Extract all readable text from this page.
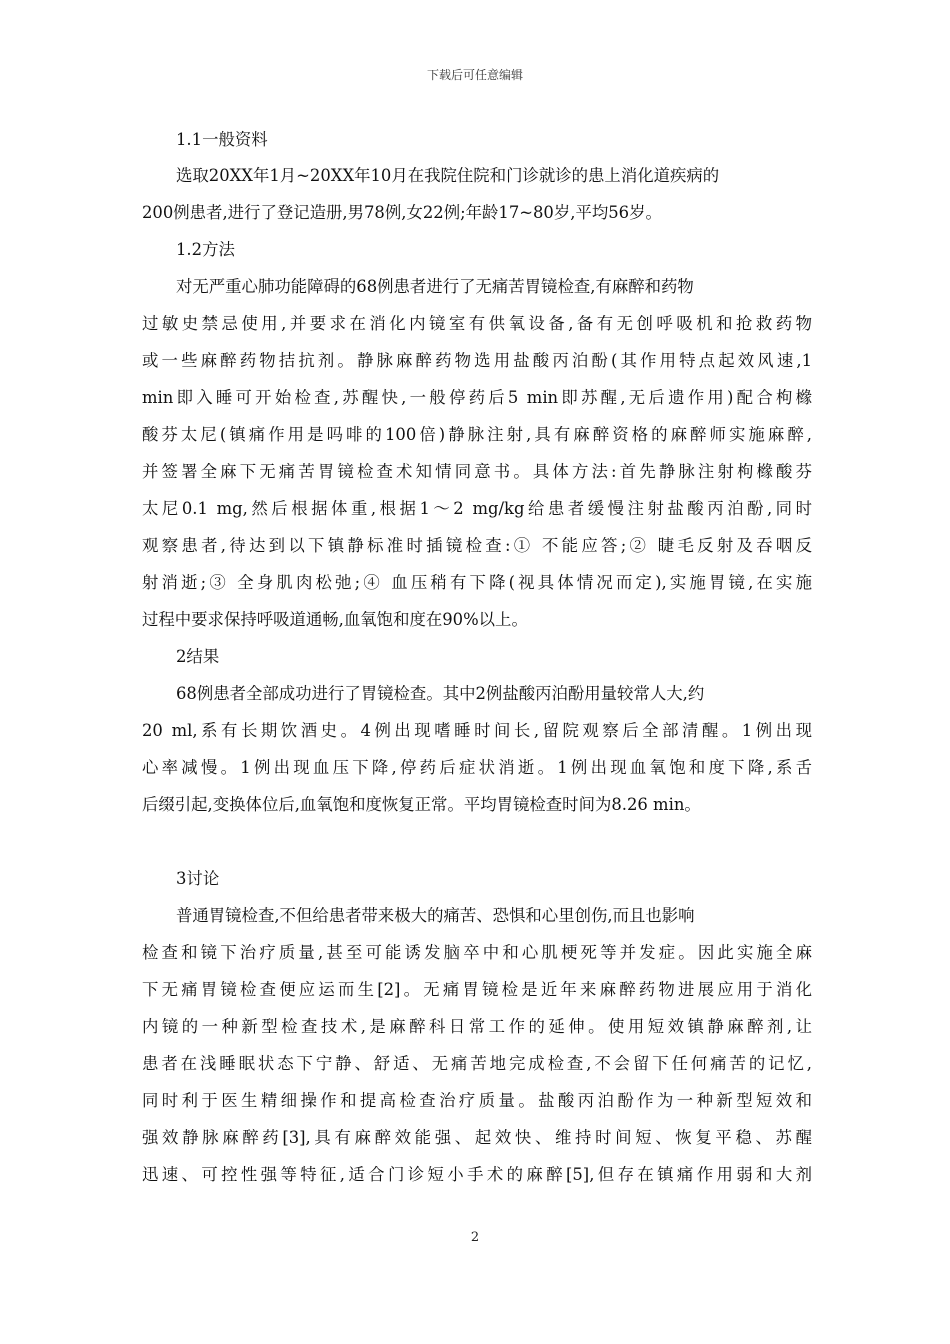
下载后可任意编辑
1.1一般资料
选取20XX年1月~20XX年10月在我院住院和门诊就诊的患上消化道疾病的
200例患者,进行了登记造册,男78例,女22例;年龄17~80岁,平均56岁。
1.2方法
对无严重心肺功能障碍的68例患者进行了无痛苦胃镜检查,有麻醉和药物
过敏史禁忌使用,并要求在消化内镜室有供氧设备,备有无创呼吸机和抢救药物
或一些麻醉药物拮抗剂。静脉麻醉药物选用盐酸丙泊酚(其作用特点起效风速,1
min即入睡可开始检查,苏醒快,一般停药后5 min即苏醒,无后遗作用)配合枸橼
酸芬太尼(镇痛作用是吗啡的100倍)静脉注射,具有麻醉资格的麻醉师实施麻醉,
并签署全麻下无痛苦胃镜检查术知情同意书。具体方法:首先静脉注射枸橼酸芬
太尼0.1 mg,然后根据体重,根据1～2 mg/kg给患者缓慢注射盐酸丙泊酚,同时
观察患者,待达到以下镇静标准时插镜检查:① 不能应答;② 睫毛反射及吞咽反
射消逝;③ 全身肌肉松弛;④ 血压稍有下降(视具体情况而定),实施胃镜,在实施
过程中要求保持呼吸道通畅,血氧饱和度在90%以上。
2结果
68例患者全部成功进行了胃镜检查。其中2例盐酸丙泊酚用量较常人大,约
20 ml,系有长期饮酒史。4例出现嗜睡时间长,留院观察后全部清醒。1例出现
心率减慢。1例出现血压下降,停药后症状消逝。1例出现血氧饱和度下降,系舌
后缀引起,变换体位后,血氧饱和度恢复正常。平均胃镜检查时间为8.26 min。
3讨论
普通胃镜检查,不但给患者带来极大的痛苦、恐惧和心里创伤,而且也影响
检查和镜下治疗质量,甚至可能诱发脑卒中和心肌梗死等并发症。因此实施全麻
下无痛胃镜检查便应运而生[2]。无痛胃镜检是近年来麻醉药物进展应用于消化
内镜的一种新型检查技术,是麻醉科日常工作的延伸。使用短效镇静麻醉剂,让
患者在浅睡眠状态下宁静、舒适、无痛苦地完成检查,不会留下任何痛苦的记忆,
同时利于医生精细操作和提高检查治疗质量。盐酸丙泊酚作为一种新型短效和
强效静脉麻醉药[3],具有麻醉效能强、起效快、维持时间短、恢复平稳、苏醒
迅速、可控性强等特征,适合门诊短小手术的麻醉[5],但存在镇痛作用弱和大剂
2
